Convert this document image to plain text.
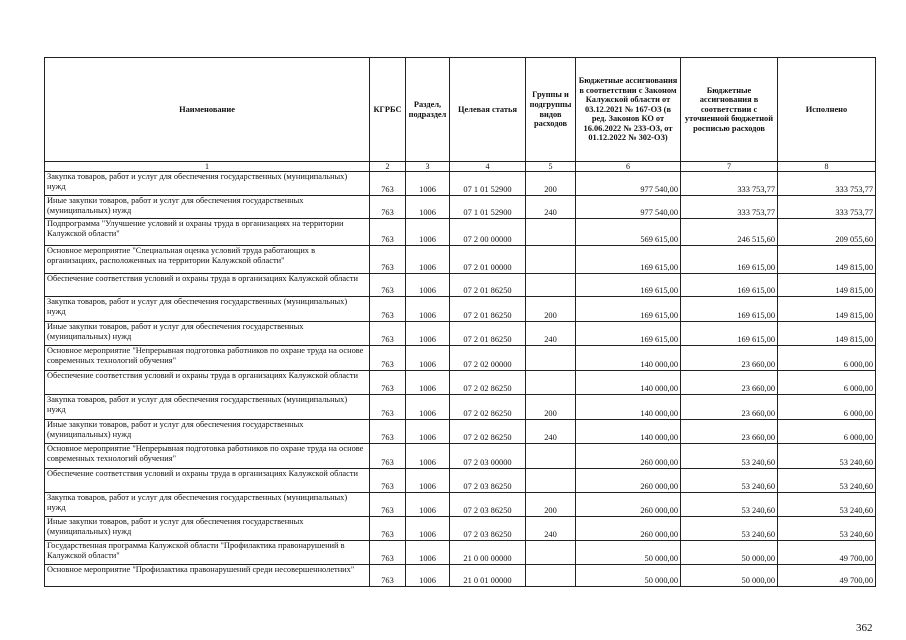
Наименование	КГРБС	Раздел, подраздел	Целевая статья	Группы и подгруппы видов расходов	Бюджетные ассигнования в соответствии с Законом Калужской области от 03.12.2021 № 167-ОЗ (в ред. Законов КО от 16.06.2022 № 233-ОЗ, от 01.12.2022 № 302-ОЗ)	Бюджетные ассигнования в соответствии с уточненной бюджетной росписью расходов	Исполнено
1	2	3	4	5	6	7	8
Закупка товаров, работ и услуг для обеспечения государственных (муниципальных) нужд	763	1006	07 1 01 52900	200	977 540,00	333 753,77	333 753,77
Иные закупки товаров, работ и услуг для обеспечения государственных (муниципальных) нужд	763	1006	07 1 01 52900	240	977 540,00	333 753,77	333 753,77
Подпрограмма "Улучшение условий и охраны труда в организациях на территории Калужской области"	763	1006	07 2 00 00000		569 615,00	246 515,60	209 055,60
Основное мероприятие "Специальная оценка условий труда работающих в организациях, расположенных на территории Калужской области"	763	1006	07 2 01 00000		169 615,00	169 615,00	149 815,00
Обеспечение соответствия условий и охраны труда в организациях Калужской области	763	1006	07 2 01 86250		169 615,00	169 615,00	149 815,00
Закупка товаров, работ и услуг для обеспечения государственных (муниципальных) нужд	763	1006	07 2 01 86250	200	169 615,00	169 615,00	149 815,00
Иные закупки товаров, работ и услуг для обеспечения государственных (муниципальных) нужд	763	1006	07 2 01 86250	240	169 615,00	169 615,00	149 815,00
Основное мероприятие "Непрерывная подготовка работников по охране труда на основе современных технологий обучения"	763	1006	07 2 02 00000		140 000,00	23 660,00	6 000,00
Обеспечение соответствия условий и охраны труда в организациях Калужской области	763	1006	07 2 02 86250		140 000,00	23 660,00	6 000,00
Закупка товаров, работ и услуг для обеспечения государственных (муниципальных) нужд	763	1006	07 2 02 86250	200	140 000,00	23 660,00	6 000,00
Иные закупки товаров, работ и услуг для обеспечения государственных (муниципальных) нужд	763	1006	07 2 02 86250	240	140 000,00	23 660,00	6 000,00
Основное мероприятие "Непрерывная подготовка работников по охране труда на основе современных технологий обучения"	763	1006	07 2 03 00000		260 000,00	53 240,60	53 240,60
Обеспечение соответствия условий и охраны труда в организациях Калужской области	763	1006	07 2 03 86250		260 000,00	53 240,60	53 240,60
Закупка товаров, работ и услуг для обеспечения государственных (муниципальных) нужд	763	1006	07 2 03 86250	200	260 000,00	53 240,60	53 240,60
Иные закупки товаров, работ и услуг для обеспечения государственных (муниципальных) нужд	763	1006	07 2 03 86250	240	260 000,00	53 240,60	53 240,60
Государственная программа Калужской области "Профилактика правонарушений в Калужской области"	763	1006	21 0 00 00000		50 000,00	50 000,00	49 700,00
Основное мероприятие "Профилактика правонарушений среди несовершеннолетних"	763	1006	21 0 01 00000		50 000,00	50 000,00	49 700,00
362
